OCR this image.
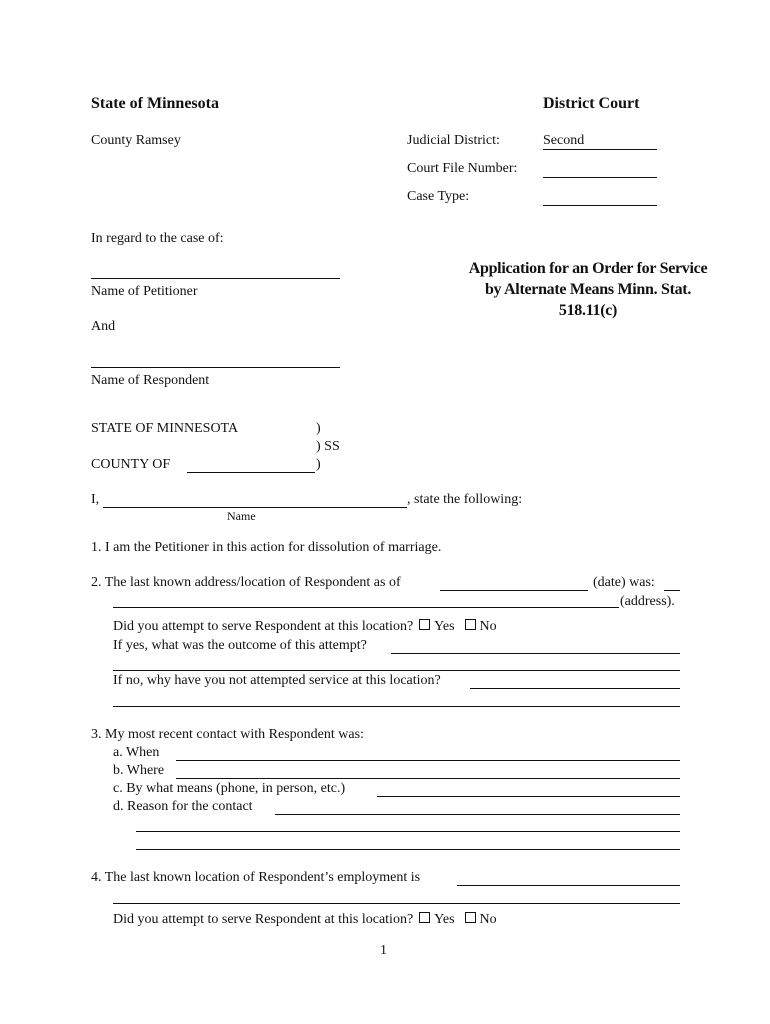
State of Minnesota	District Court
County Ramsey	Judicial District:	Second
Court File Number:
Case Type:
In regard to the case of:
Name of Petitioner
And
Name of Respondent
Application for an Order for Service
by Alternate Means Minn. Stat.
518.11(c)
STATE OF MINNESOTA	)
) SS
COUNTY OF	)
I,	, state the following:
Name
1. I am the Petitioner in this action for dissolution of marriage.
2. The last known address/location of Respondent as of	(date) was:
(address).
Did you attempt to serve Respondent at this location? Yes No
If yes, what was the outcome of this attempt?
If no, why have you not attempted service at this location?
3. My most recent contact with Respondent was:
a. When
b. Where
c. By what means (phone, in person, etc.)
d. Reason for the contact
4. The last known location of Respondent’s employment is
Did you attempt to serve Respondent at this location? Yes No
1
